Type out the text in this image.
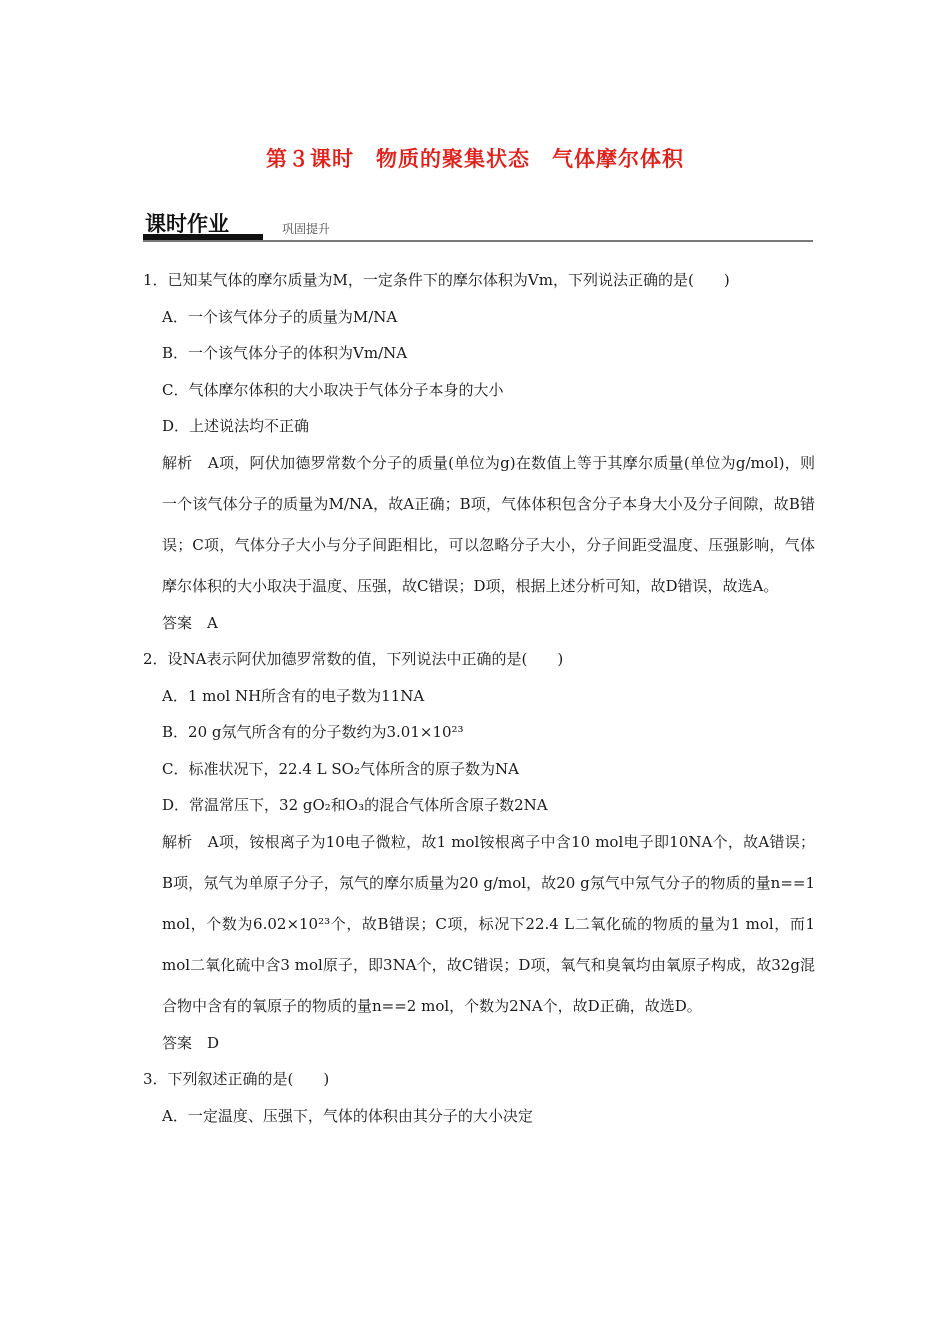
第３课时　物质的聚集状态　气体摩尔体积
课时作业	巩固提升
1．已知某气体的摩尔质量为M，一定条件下的摩尔体积为Vm，下列说法正确的是(　　)
A．一个该气体分子的质量为M/NA
B．一个该气体分子的体积为Vm/NA
C．气体摩尔体积的大小取决于气体分子本身的大小
D．上述说法均不正确
解析　A项，阿伏加德罗常数个分子的质量(单位为g)在数值上等于其摩尔质量(单位为g/mol)，则一个该气体分子的质量为M/NA，故A正确；B项，气体体积包含分子本身大小及分子间隙，故B错误；C项，气体分子大小与分子间距相比，可以忽略分子大小，分子间距受温度、压强影响，气体摩尔体积的大小取决于温度、压强，故C错误；D项，根据上述分析可知，故D错误，故选A。
答案　A
2．设NA表示阿伏加德罗常数的值，下列说法中正确的是(　　)
A．1 mol NH所含有的电子数为11NA
B．20 g氖气所含有的分子数约为3.01×10²³
C．标准状况下，22.4 L SO₂气体所含的原子数为NA
D．常温常压下，32 gO₂和O₃的混合气体所含原子数2NA
解析　A项，铵根离子为10电子微粒，故1 mol铵根离子中含10 mol电子即10NA个，故A错误；B项，氖气为单原子分子，氖气的摩尔质量为20 g/mol，故20 g氖气中氖气分子的物质的量n==1 mol，个数为6.02×10²³个，故B错误；C项，标况下22.4 L二氧化硫的物质的量为1 mol，而1 mol二氧化硫中含3 mol原子，即3NA个，故C错误；D项，氧气和臭氧均由氧原子构成，故32g混合物中含有的氧原子的物质的量n==2 mol，个数为2NA个，故D正确，故选D。
答案　D
3．下列叙述正确的是(　　)
A．一定温度、压强下，气体的体积由其分子的大小决定
